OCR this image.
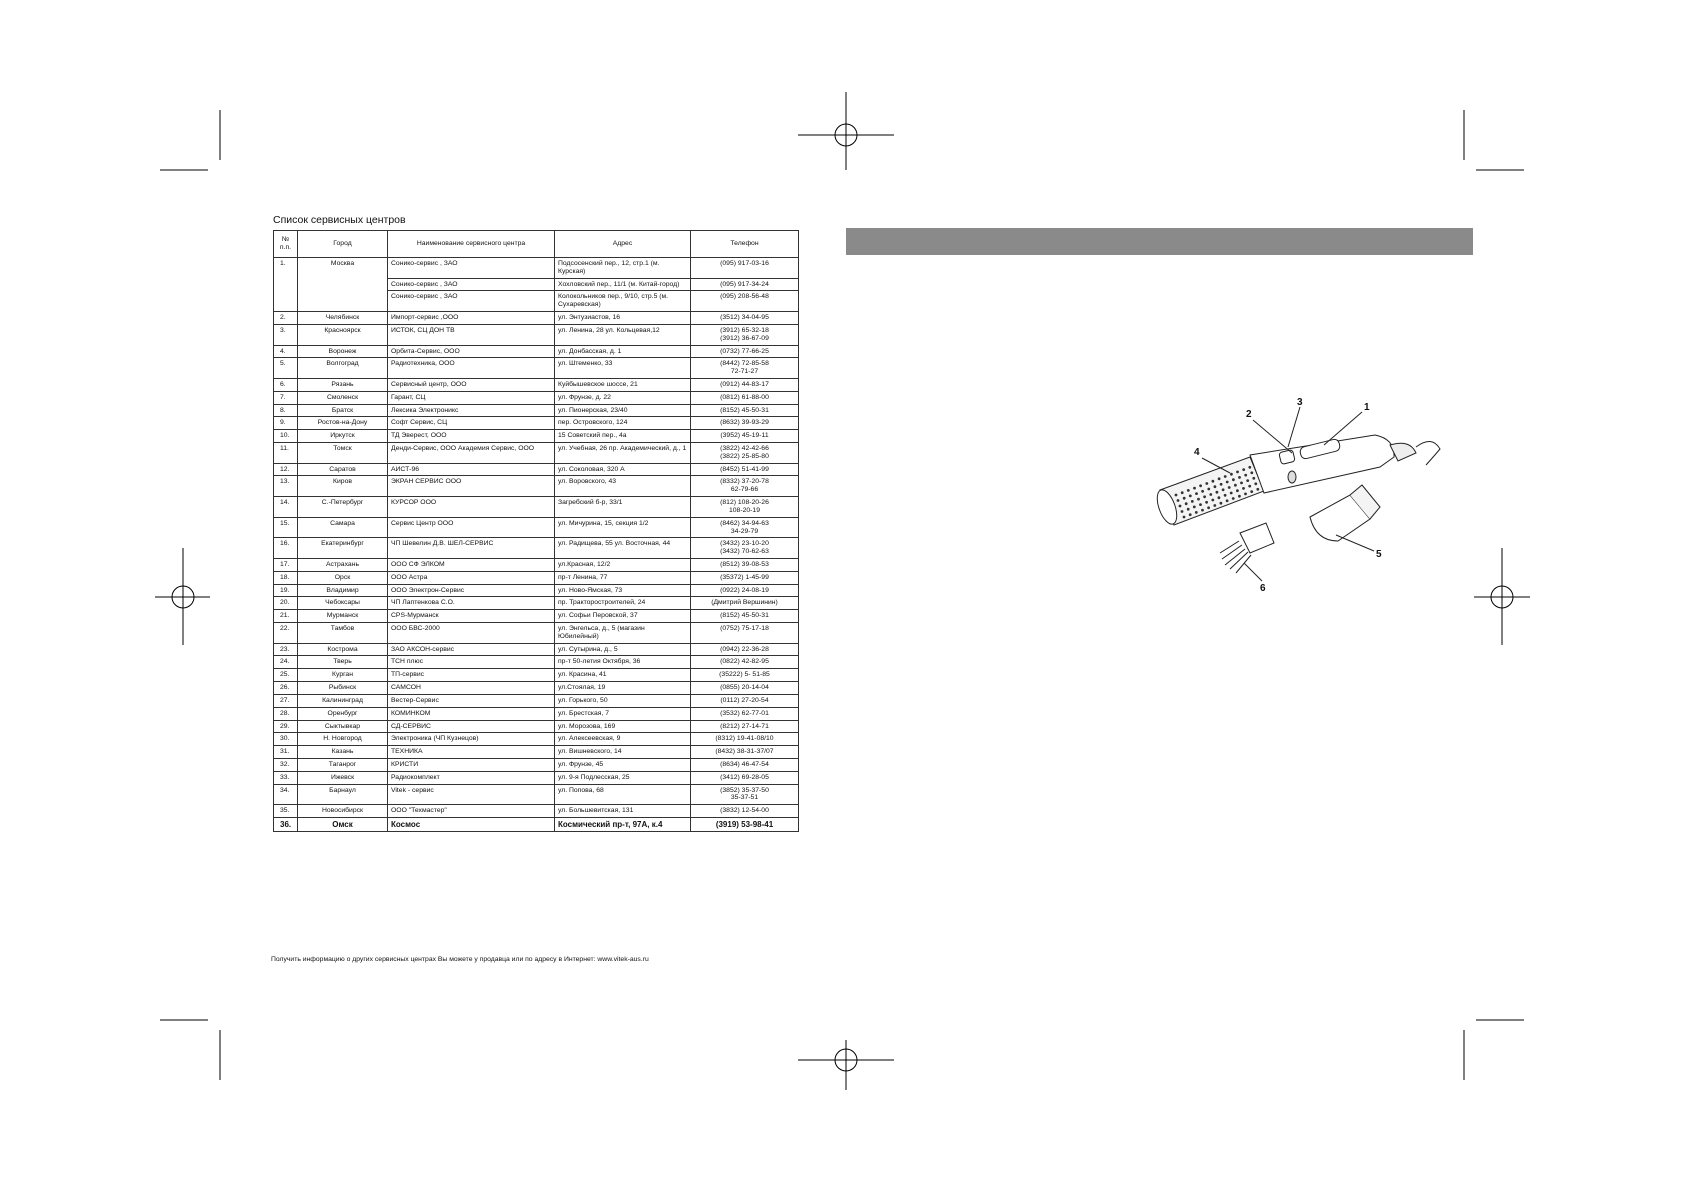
Список сервисных центров
№ п.п.	Город	Наименование сервисного центра	Адрес	Телефон
1.	Москва	Сонико-сервис , ЗАО	Подсосенский пер., 12, стр.1 (м. Курская)	(095) 917-03-16

		Сонико-сервис , ЗАО	Хохловский пер., 11/1 (м. Китай-город)	(095) 917-34-24

		Сонико-сервис , ЗАО	Колокольников пер., 9/10, стр.5 (м. Сухаревская)	(095) 208-56-48

2.	Челябинск	Импорт-сервис ,ООО	ул. Энтузиастов, 16	(3512) 34-04-95

3.	Красноярск	ИСТОК, СЦ ДОН ТВ	ул. Ленина, 28 ул. Кольцевая,12	(3912) 65-32-18
(3912) 36-67-09

4.	Воронеж	Орбита-Сервис, ООО	ул. Донбасская, д. 1	(0732) 77-66-25

5.	Волгоград	Радиотехника, ООО	ул. Штеменко, 33	(8442) 72-85-58
72-71-27

6.	Рязань	Сервисный центр, ООО	Куйбышевское шоссе, 21	(0912) 44-83-17

7.	Смоленск	Гарант, СЦ	ул. Фрунзе, д. 22	(0812) 61-88-00

8.	Братск	Лексика Электроникс	ул. Пионерская, 23/40	(8152) 45-50-31

9.	Ростов-на-Дону	Софт Сервис, СЦ	пер. Островского, 124	(8632) 39-93-29

10.	Иркутск	ТД Эверест, ООО	15 Советский пер., 4а	(3952) 45-19-11

11.	Томск	Денди-Сервис, ООО Академия Сервис, ООО	ул. Учебная, 26 пр. Академический, д., 1	(3822) 42-42-66
(3822) 25-85-80

12.	Саратов	АИСТ-96	ул. Соколовая, 320 А	(8452) 51-41-99

13.	Киров	ЭКРАН СЕРВИС ООО	ул. Воровского, 43	(8332) 37-20-78
62-79-66

14.	С.-Петербург	КУРСОР ООО	Загребский б-р, 33/1	(812) 108-20-26
108-20-19

15.	Самара	Сервис Центр ООО	ул. Мичурина, 15, секция 1/2	(8462) 34-94-63
34-29-79

16.	Екатеринбург	ЧП Шевелин Д.В. ШЕЛ-СЕРВИС	ул. Радищева, 55 ул. Восточная, 44	(3432) 23-10-20
(3432) 70-62-63

17.	Астрахань	ООО СФ ЭЛКОМ	ул.Красная, 12/2	(8512) 39-08-53

18.	Орск	ООО Астра	пр-т Ленина, 77	(35372) 1-45-99

19.	Владимир	ООО Электрон-Сервис	ул. Ново-Ямская, 73	(0922) 24-08-19

20.	Чебоксары	ЧП Лаптенкова С.О.	пр. Тракторостроителей, 24	(Дмитрий Вершинин)

21.	Мурманск	CPS-Мурманск	ул. Софьи Перовской, 37	(8152) 45-50-31

22.	Тамбов	ООО БВС-2000	ул. Энгельса, д., 5 (магазин Юбилейный)	(0752) 75-17-18

23.	Кострома	ЗАО АКСОН-сервис	ул. Сутырина, д., 5	(0942) 22-36-28

24.	Тверь	ТСН плюс	пр-т 50-летия Октября, 36	(0822) 42-82-95

25.	Курган	ТП-сервис	ул. Красина, 41	(35222) 5- 51-85

26.	Рыбинск	САМСОН	ул.Стоялая, 19	(0855) 20-14-04

27.	Калининград	Вестер-Сервис	ул. Горького, 50	(0112) 27-20-54

28.	Оренбург	КОМИНКОМ	ул. Брестская, 7	(3532) 62-77-01

29.	Сыктывкар	СД-СЕРВИС	ул. Морозова, 169	(8212) 27-14-71

30.	Н. Новгород	Электроника (ЧП Кузнецов)	ул. Алексеевская, 9	(8312) 19-41-08/10

31.	Казань	ТЕХНИКА	ул. Вишневского, 14	(8432) 38-31-37/07

32.	Таганрог	КРИСТИ	ул. Фрунзе, 45	(8634) 46-47-54

33.	Ижевск	Радиокомплект	ул. 9-я Подлесская, 25	(3412) 69-28-05

34.	Барнаул	Vitek - сервис	ул. Попова, 68	(3852) 35-37-50
35-37-51

35.	Новосибирск	ООО "Техмастер"	ул. Большевитская, 131	(3832) 12-54-00

36.	Омск	Космос	Космический пр-т, 97А, к.4	(3919) 53-98-41
Получить информацию о других сервисных центрах Вы можете у продавца или по адресу в Интернет: www.vitek-aus.ru
1
2
3
4
5
6
